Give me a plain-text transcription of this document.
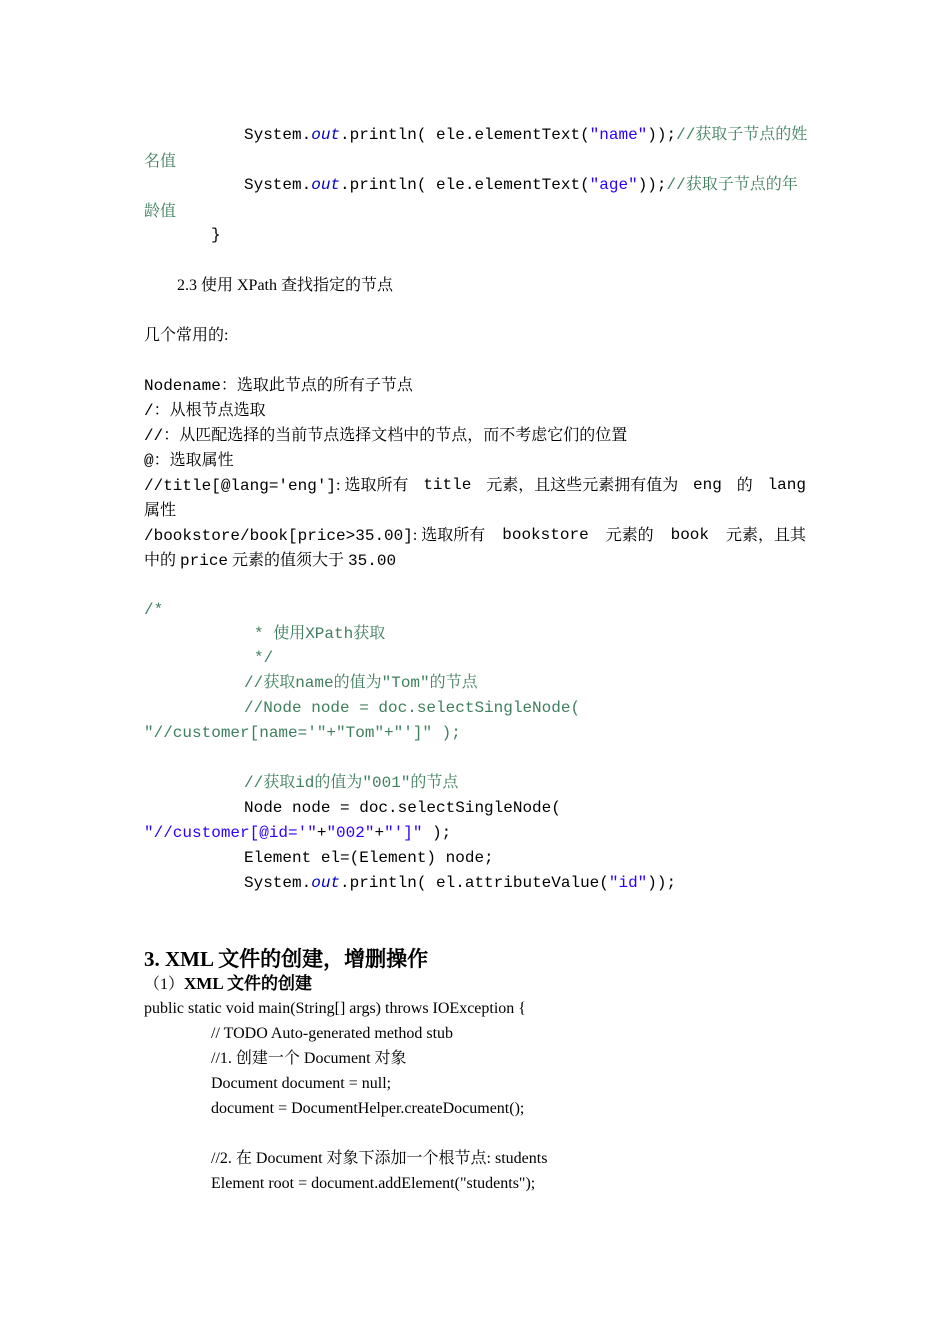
System.out.println( ele.elementText("name"));//获取子节点的姓
名值
System.out.println( ele.elementText("age"));//获取子节点的年
龄值
}
2.3 使用 XPath 查找指定的节点
几个常用的:
Nodename：选取此节点的所有子节点
/：从根节点选取
//：从匹配选择的当前节点选择文档中的节点，而不考虑它们的位置
@：选取属性
//title[@lang='eng']: 选取所有 title 元素，且这些元素拥有值为 eng 的 lang
属性
/bookstore/book[price>35.00]: 选取所有 bookstore 元素的 book 元素，且其
中的 price 元素的值须大于 35.00
/*
* 使用XPath获取
*/
//获取name的值为"Tom"的节点
//Node node = doc.selectSingleNode(
"//customer[name='"+"Tom"+"']" );
//获取id的值为"001"的节点
Node node = doc.selectSingleNode(
"//customer[@id='"+"002"+"']" );
Element el=(Element) node;
System.out.println( el.attributeValue("id"));
3. XML 文件的创建，增删操作
（1）XML 文件的创建
public static void main(String[] args) throws IOException {
// TODO Auto-generated method stub
//1. 创建一个 Document 对象
Document document = null;
document = DocumentHelper.createDocument();
//2. 在 Document 对象下添加一个根节点: students
Element root = document.addElement("students");
